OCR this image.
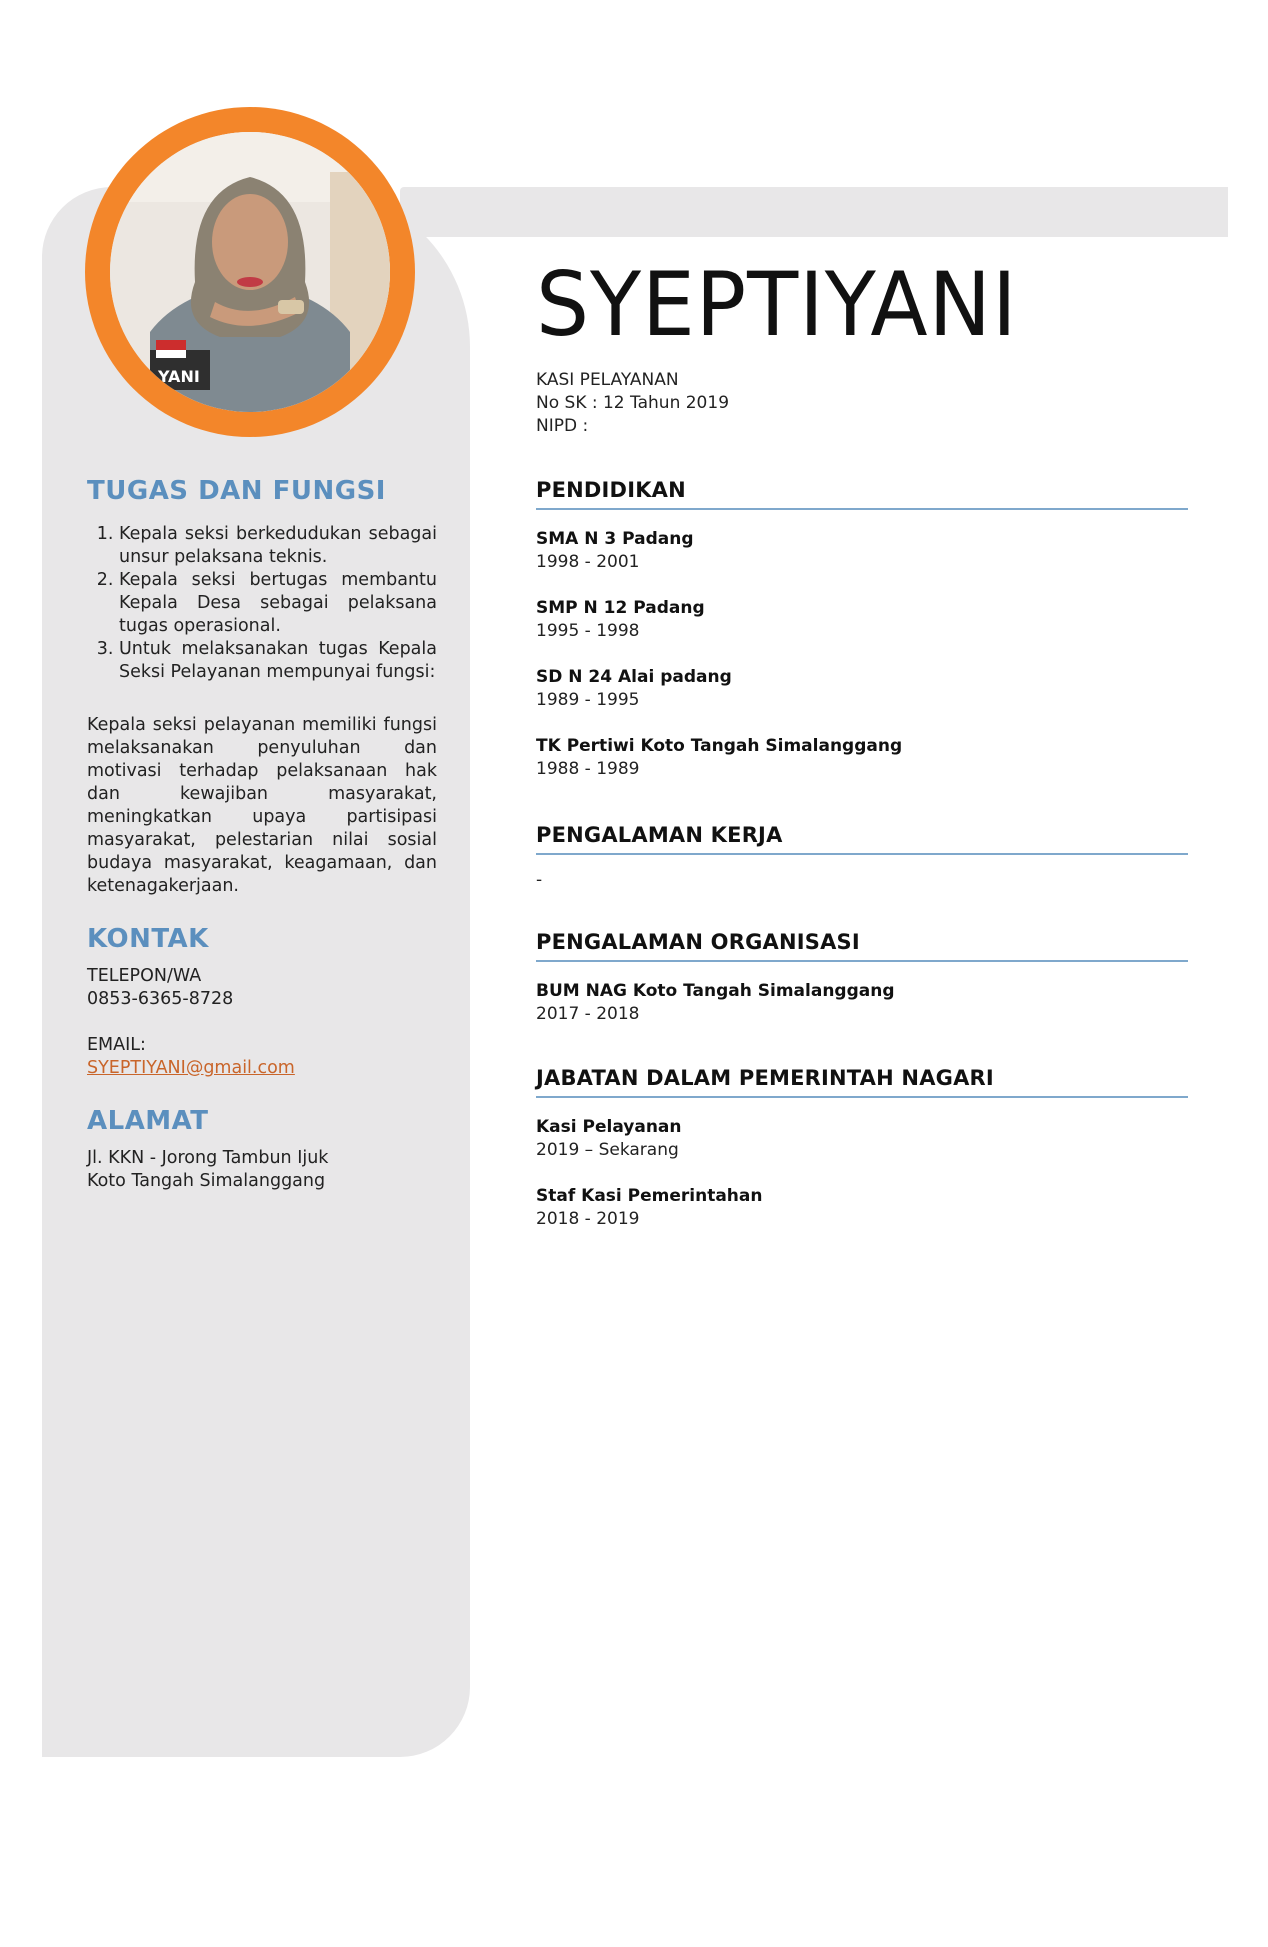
YANI
TUGAS DAN FUNGSI
1. Kepala seksi berkedudukan sebagai unsur pelaksana teknis.
2. Kepala seksi bertugas membantu Kepala Desa sebagai pelaksana tugas operasional.
3. Untuk melaksanakan tugas Kepala Seksi Pelayanan mempunyai fungsi:

Kepala seksi pelayanan memiliki fungsi melaksanakan penyuluhan dan motivasi terhadap pelaksanaan hak dan kewajiban masyarakat, meningkatkan upaya partisipasi masyarakat, pelestarian nilai sosial budaya masyarakat, keagamaan, dan ketenagakerjaan.

KONTAK

TELEPON/WA

0853-6365-8728

EMAIL:

SYEPTIYANI@gmail.com

ALAMAT

Jl. KKN - Jorong Tambun Ijuk

Koto Tangah Simalanggang

SYEPTIYANI

KASI PELAYANAN

No SK : 12 Tahun 2019

NIPD :

PENDIDIKAN

SMA N 3 Padang

1998 - 2001

SMP N 12 Padang

1995 - 1998

SD N 24 Alai padang

1989 - 1995

TK Pertiwi Koto Tangah Simalanggang

1988 - 1989

PENGALAMAN KERJA

-

PENGALAMAN ORGANISASI

BUM NAG Koto Tangah Simalanggang

2017 - 2018

JABATAN DALAM PEMERINTAH NAGARI

Kasi Pelayanan

2019 – Sekarang

Staf Kasi Pemerintahan

2018 - 2019
